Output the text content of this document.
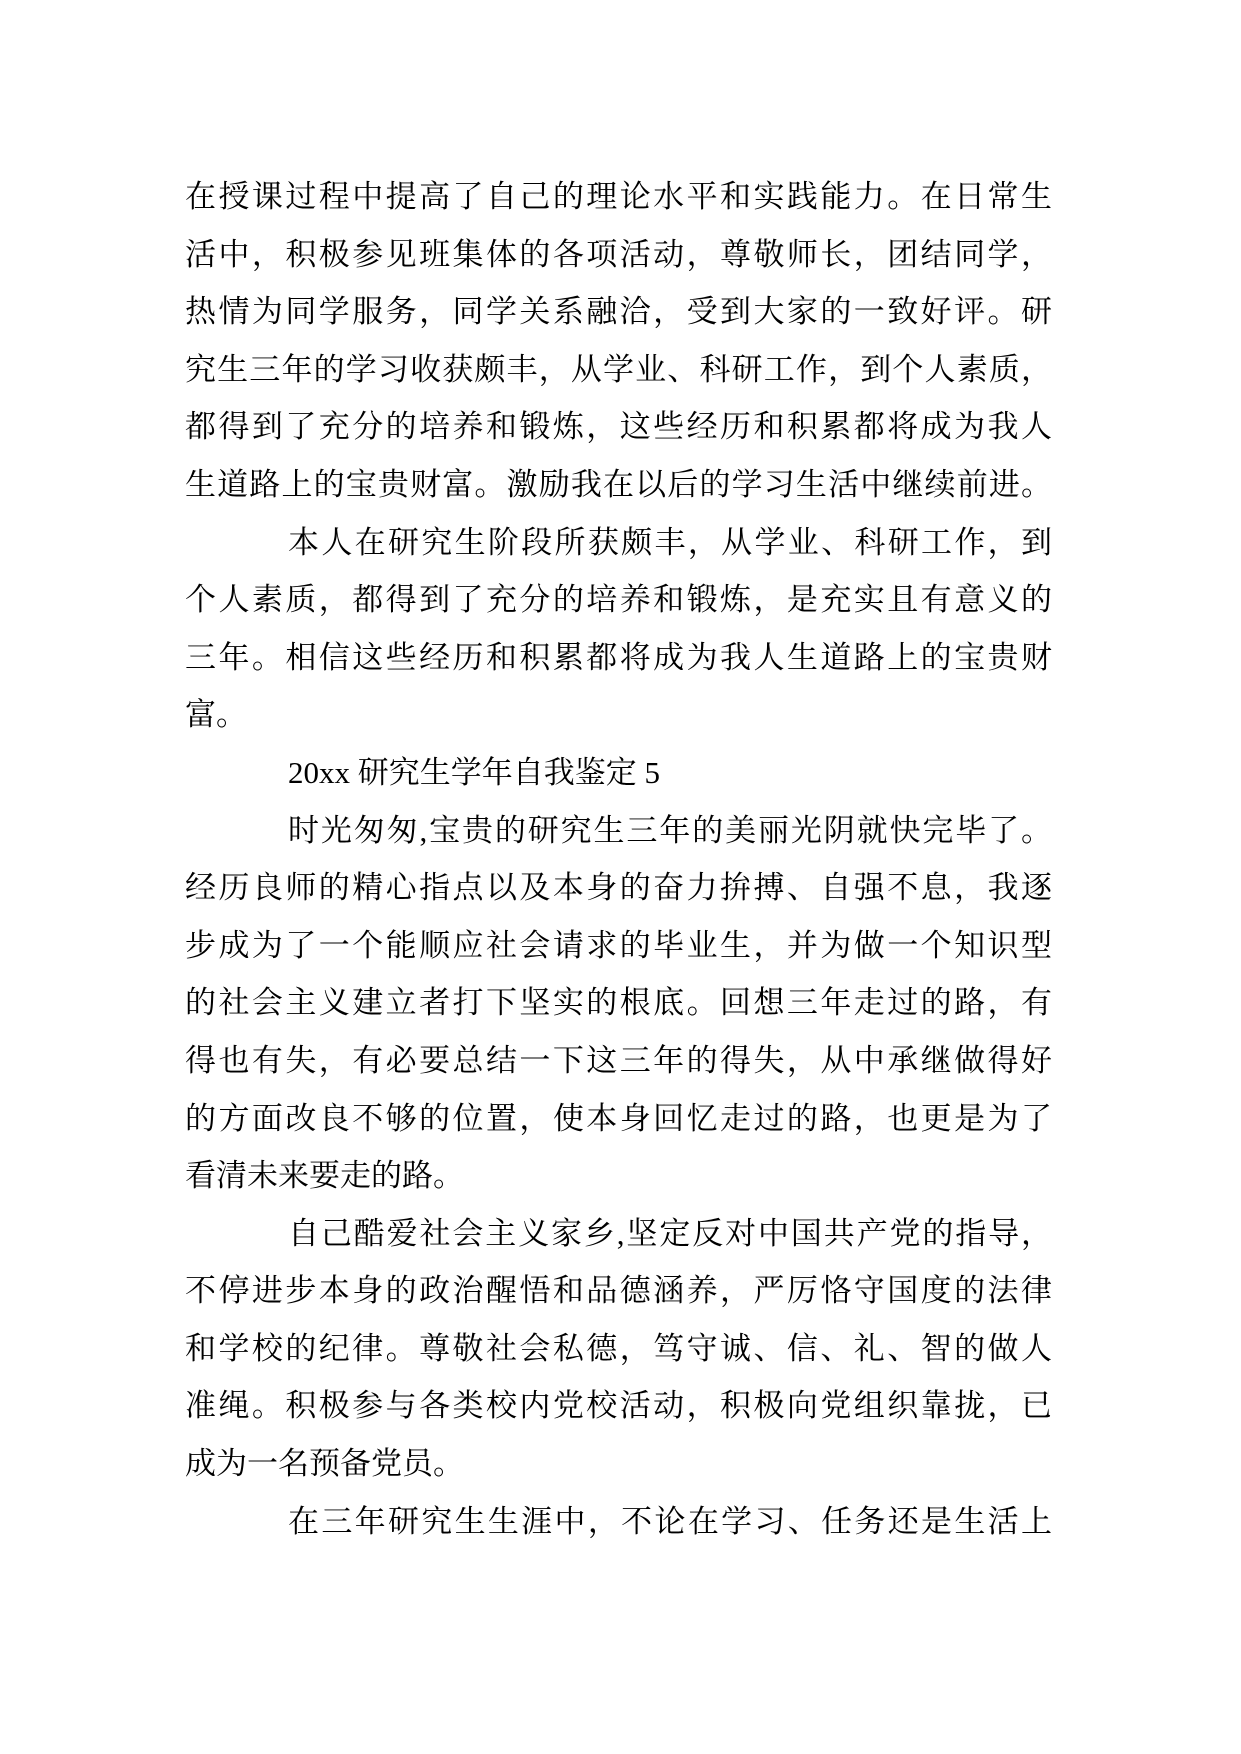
在授课过程中提高了自己的理论水平和实践能力。在日常生
活中，积极参见班集体的各项活动，尊敬师长，团结同学，
热情为同学服务，同学关系融洽，受到大家的一致好评。研
究生三年的学习收获颇丰，从学业、科研工作，到个人素质，
都得到了充分的培养和锻炼，这些经历和积累都将成为我人
生道路上的宝贵财富。激励我在以后的学习生活中继续前进。
本人在研究生阶段所获颇丰，从学业、科研工作，到
个人素质，都得到了充分的培养和锻炼，是充实且有意义的
三年。相信这些经历和积累都将成为我人生道路上的宝贵财
富。
20xx 研究生学年自我鉴定 5
时光匆匆,宝贵的研究生三年的美丽光阴就快完毕了。
经历良师的精心指点以及本身的奋力拚搏、自强不息，我逐
步成为了一个能顺应社会请求的毕业生，并为做一个知识型
的社会主义建立者打下坚实的根底。回想三年走过的路，有
得也有失，有必要总结一下这三年的得失，从中承继做得好
的方面改良不够的位置，使本身回忆走过的路，也更是为了
看清未来要走的路。
自己酷爱社会主义家乡,坚定反对中国共产党的指导，
不停进步本身的政治醒悟和品德涵养，严厉恪守国度的法律
和学校的纪律。尊敬社会私德，笃守诚、信、礼、智的做人
准绳。积极参与各类校内党校活动，积极向党组织靠拢，已
成为一名预备党员。
在三年研究生生涯中，不论在学习、任务还是生活上
